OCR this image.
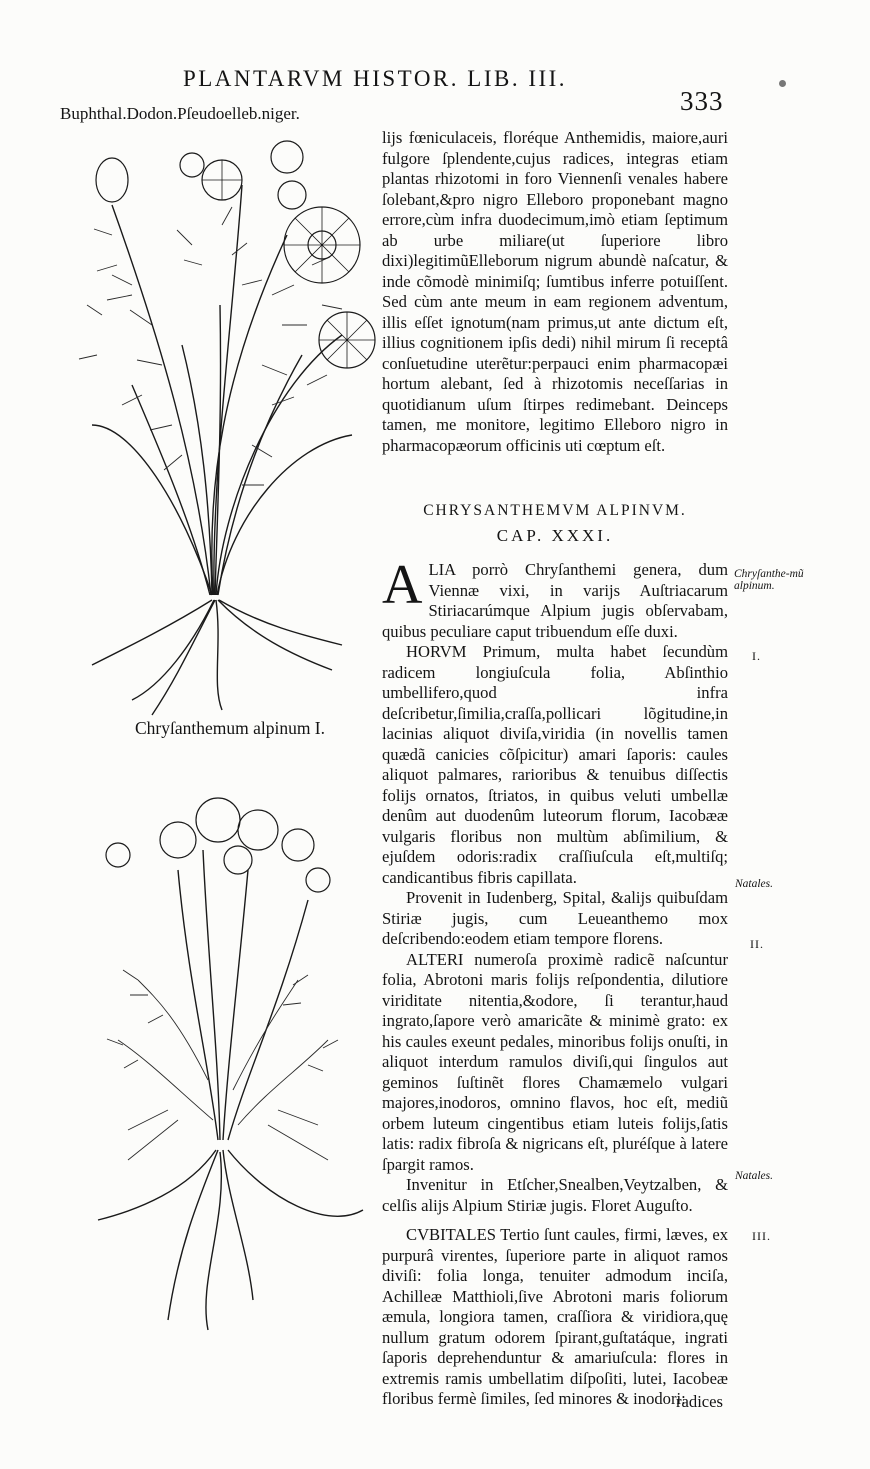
PLANTARVM HISTOR. LIB. III.
333
Buphthal.Dodon.Pſeudoelleb.niger.
Chryſanthemum alpinum I.

lijs fœniculaceis, floréque Anthemidis, maiore,auri fulgore ſplendente,cujus radices, integras etiam plantas rhizotomi in foro Viennenſi venales habere ſolebant,&pro nigro Elleboro proponebant magno errore,cùm infra duodecimum,imò etiam ſeptimum ab urbe miliare(ut ſuperiore libro dixi)legitimũElleborum nigrum abundè naſcatur, & inde cõmodè minimiſq; ſumtibus inferre potuiſſent. Sed cùm ante meum in eam regionem adventum, illis eſſet ignotum(nam primus,ut ante dictum eſt, illius cognitionem ipſis dedi) nihil mirum ſi receptâ conſuetudine uterẽtur:perpauci enim pharmacopæi hortum alebant, ſed à rhizotomis neceſſarias in quotidianum uſum ſtirpes redimebant. Deinceps tamen, me monitore, legitimo Elleboro nigro in pharmacopæorum officinis uti cœptum eſt.

CHRYSANTHEMVM ALPINVM.
CAP. XXXI.

ALIA porrò Chryſanthemi genera, dum Viennæ vixi, in varijs Auſtriacarum Stiriacarúmque Alpium jugis obſervabam, quibus peculiare caput tribuendum eſſe duxi.

HORVM Primum, multa habet ſecundùm radicem longiuſcula folia, Abſinthio umbellifero,quod infra deſcribetur,ſimilia,craſſa,pollicari lõgitudine,in lacinias aliquot diviſa,viridia (in novellis tamen quædã canicies cõſpicitur) amari ſaporis: caules aliquot palmares, rarioribus & tenuibus diſſectis folijs ornatos, ſtriatos, in quibus veluti umbellæ denûm aut duodenûm luteorum florum, Iacobææ vulgaris floribus non multùm abſimilium, & ejuſdem odoris:radix craſſiuſcula eſt,multiſq; candicantibus fibris capillata.

Provenit in Iudenberg, Spital, &alijs quibuſdam Stiriæ jugis, cum Leueanthemo mox deſcribendo:eodem etiam tempore florens.

ALTERI numeroſa proximè radicẽ naſcuntur folia, Abrotoni maris folijs reſpondentia, dilutiore viriditate nitentia,&odore, ſi terantur,haud ingrato,ſapore verò amaricãte & minimè grato: ex his caules exeunt pedales, minoribus folijs onuſti, in aliquot interdum ramulos diviſi,qui ſingulos aut geminos ſuſtinẽt flores Chamæmelo vulgari majores,inodoros, omnino flavos, hoc eſt, mediũ orbem luteum cingentibus etiam luteis folijs,ſatis latis: radix fibroſa & nigricans eſt, pluréſque à latere ſpargit ramos.

Invenitur in Etſcher,Snealben,Veytzalben, & celſis alijs Alpium Stiriæ jugis. Floret Auguſto.

CVBITALES Tertio ſunt caules, firmi, læves, ex purpurâ virentes, ſuperiore parte in aliquot ramos diviſi: folia longa, tenuiter admodum inciſa, Achilleæ Matthioli,ſive Abrotoni maris foliorum æmula, longiora tamen, craſſiora & viridiora,quę nullum gratum odorem ſpirant,guſtatáque, ingrati ſaporis deprehenduntur & amariuſcula: flores in extremis ramis umbellatim diſpoſiti, lutei, Iacobeæ floribus fermè ſimiles, ſed minores & inodori:

radices
Chryſanthe-mũ alpinum.
I.
Natales.
II.
Natales.
III.
